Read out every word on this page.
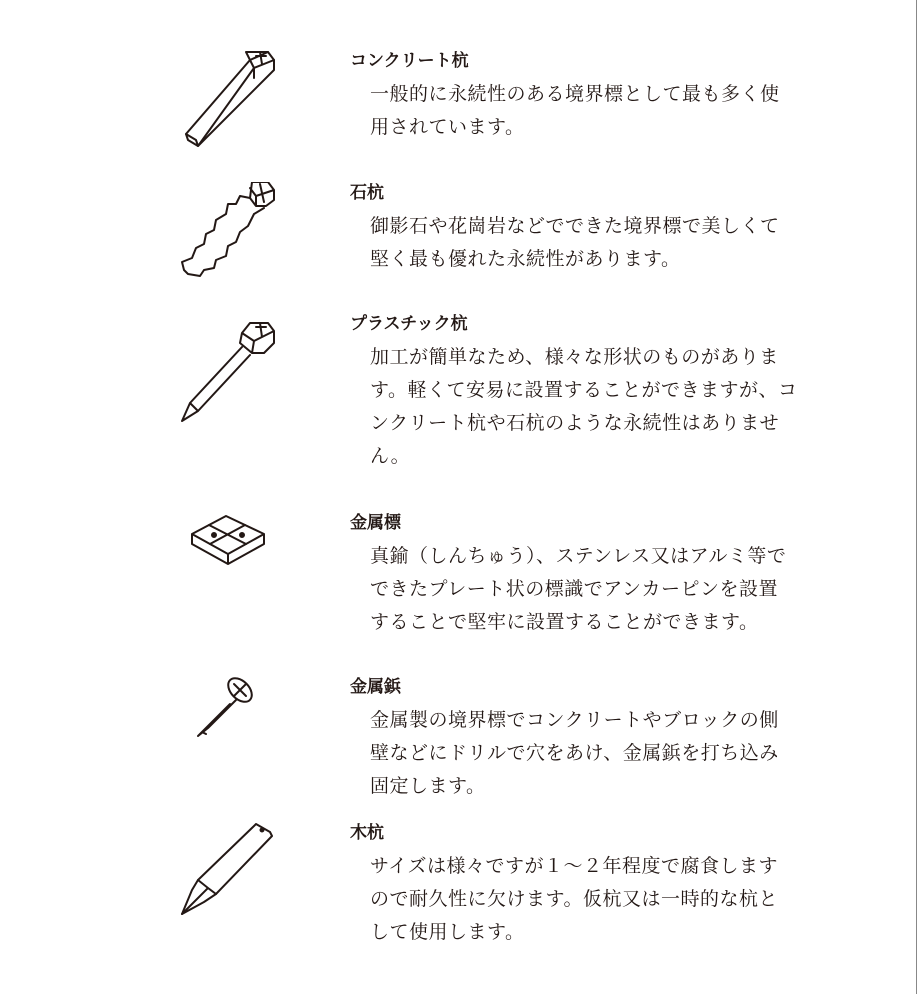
コンクリート杭
一般的に永続性のある境界標として最も多く使
用されています。
石杭
御影石や花崗岩などでできた境界標で美しくて
堅く最も優れた永続性があります。
プラスチック杭
加工が簡単なため、様々な形状のものがありま
す。軽くて安易に設置することができますが、コ
ンクリート杭や石杭のような永続性はありませ
ん。
金属標
真鍮（しんちゅう）、ステンレス又はアルミ等で
できたプレート状の標識でアンカーピンを設置
することで堅牢に設置することができます。
金属鋲
金属製の境界標でコンクリートやブロックの側
壁などにドリルで穴をあけ、金属鋲を打ち込み
固定します。
木杭
サイズは様々ですが１～２年程度で腐食します
ので耐久性に欠けます。仮杭又は一時的な杭と
して使用します。
